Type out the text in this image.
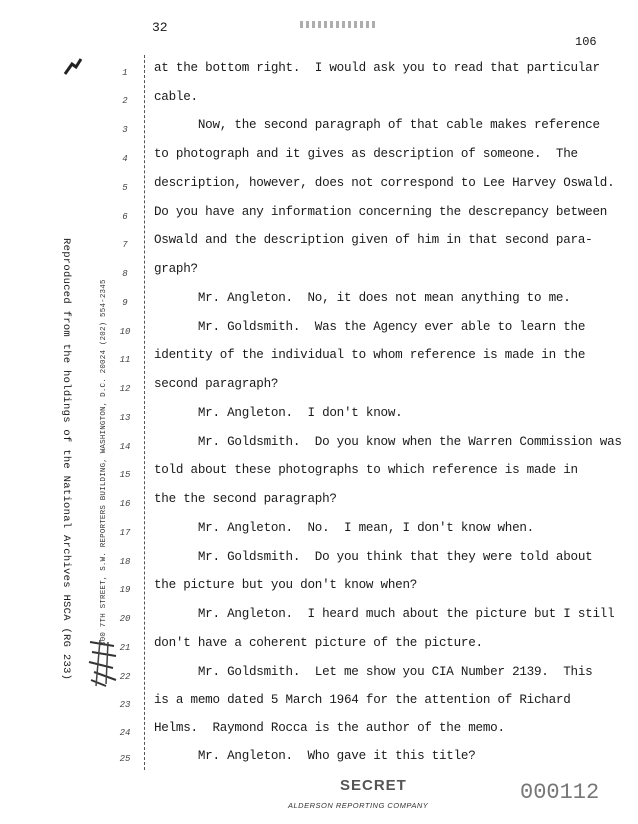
32
106
Reproduced from the holdings of the National Archives HSCA (RG 233)	300 7TH STREET, S.W. REPORTERS BUILDING, WASHINGTON, D.C. 20024 (202) 554-2345
1
2
3
4
5
6
7
8
9
10
11
12
13
14
15
16
17
18
19
20
21
22
23
24
25
at the bottom right.  I would ask you to read that particular
cable.
Now, the second paragraph of that cable makes reference
to photograph and it gives as description of someone.  The
description, however, does not correspond to Lee Harvey Oswald.
Do you have any information concerning the descrepancy between
Oswald and the description given of him in that second para-
graph?
Mr. Angleton.  No, it does not mean anything to me.
Mr. Goldsmith.  Was the Agency ever able to learn the
identity of the individual to whom reference is made in the
second paragraph?
Mr. Angleton.  I don't know.
Mr. Goldsmith.  Do you know when the Warren Commission was
told about these photographs to which reference is made in
the the second paragraph?
Mr. Angleton.  No.  I mean, I don't know when.
Mr. Goldsmith.  Do you think that they were told about
the picture but you don't know when?
Mr. Angleton.  I heard much about the picture but I still
don't have a coherent picture of the picture.
Mr. Goldsmith.  Let me show you CIA Number 2139.  This
is a memo dated 5 March 1964 for the attention of Richard
Helms.  Raymond Rocca is the author of the memo.
Mr. Angleton.  Who gave it this title?
SECRET
ALDERSON REPORTING COMPANY
000112
